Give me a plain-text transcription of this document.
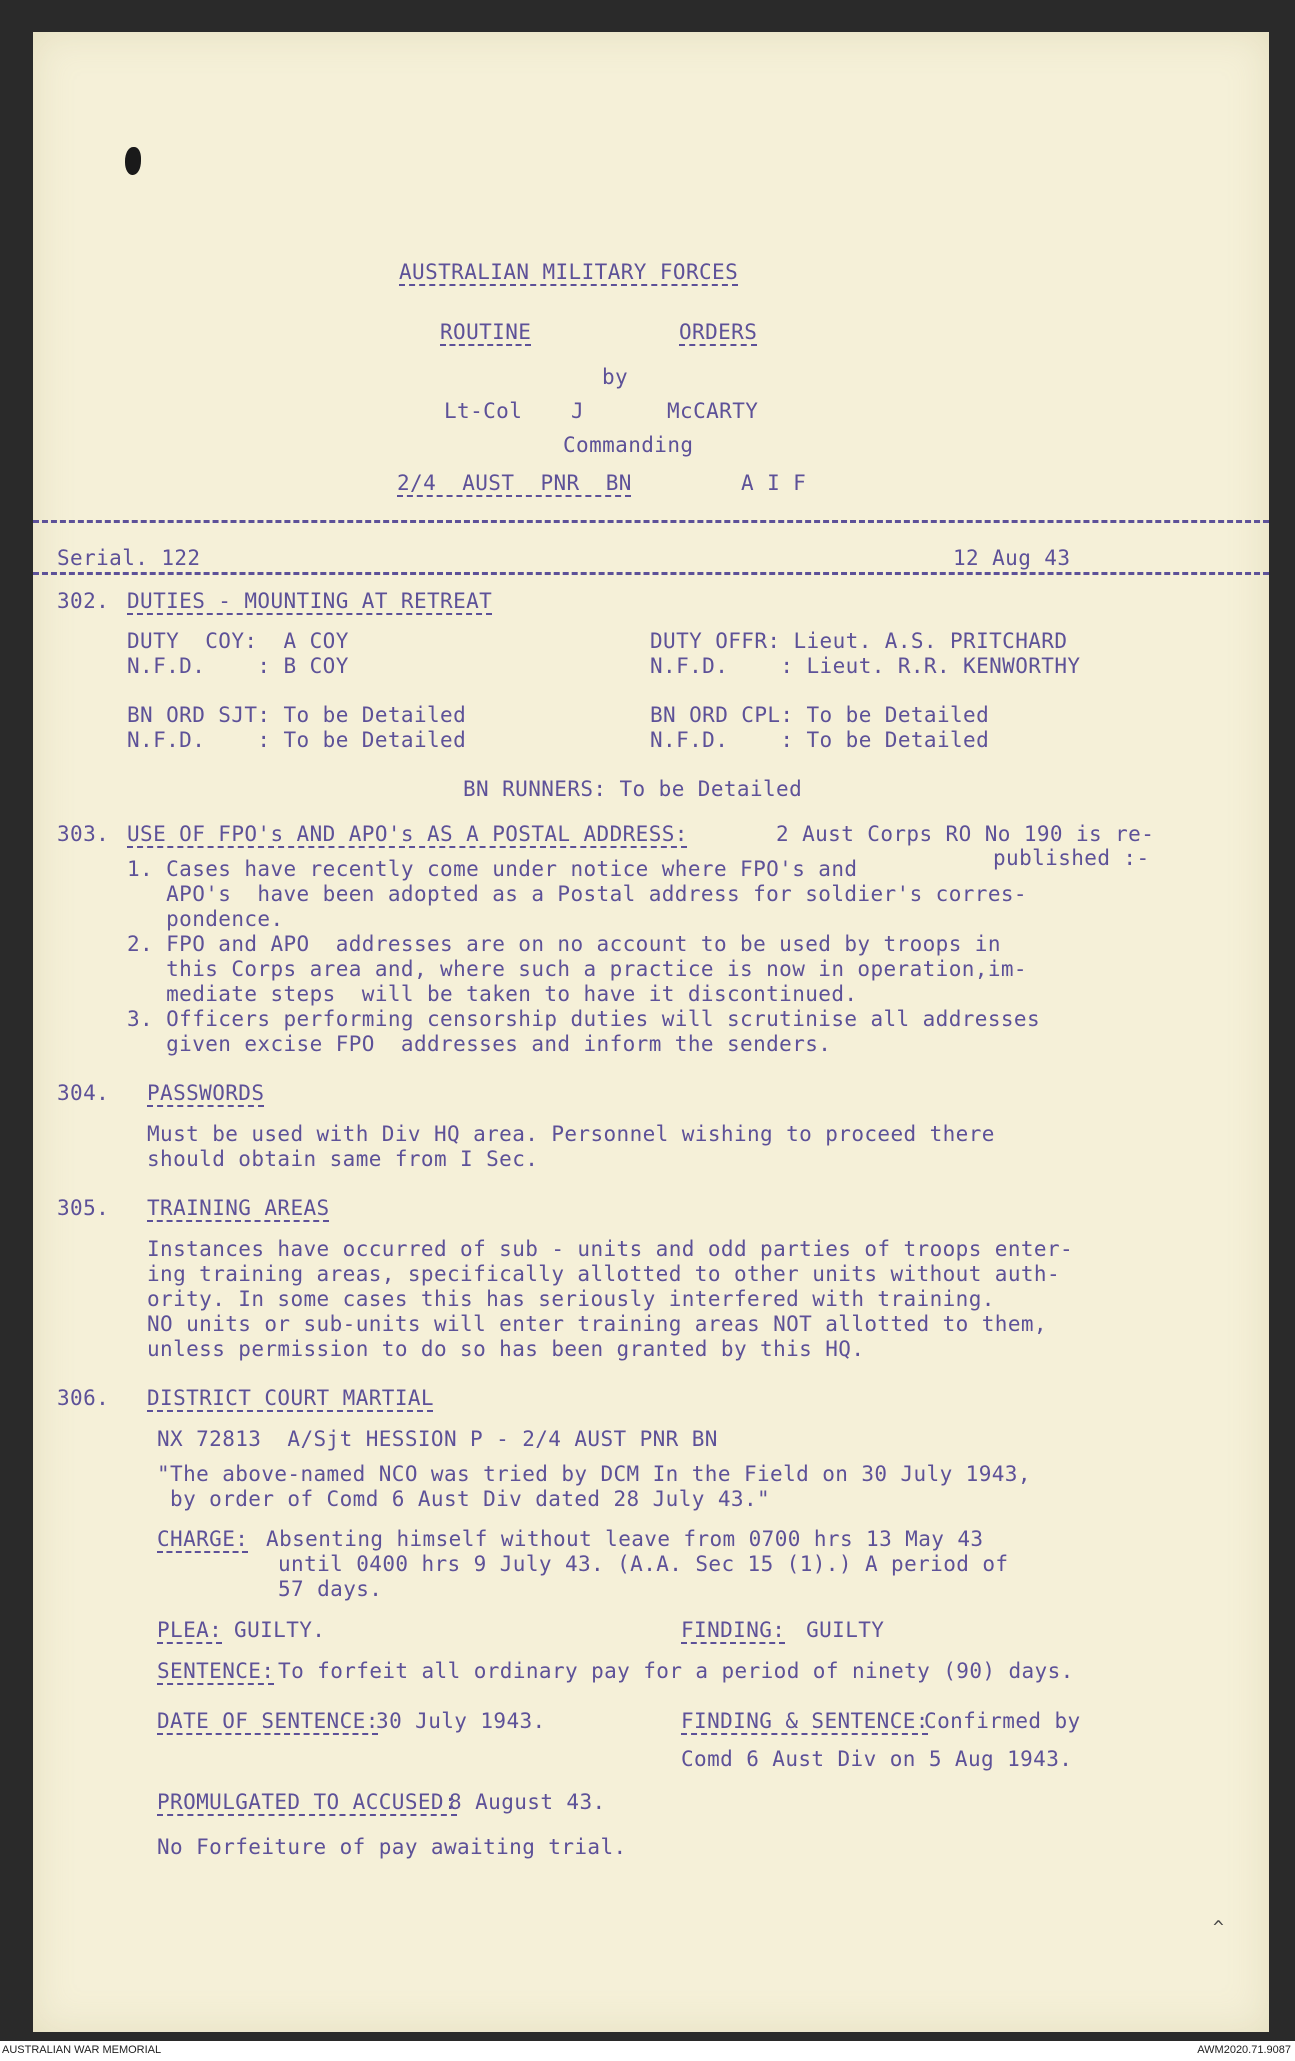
AUSTRALIAN MILITARY FORCES
ROUTINE	ORDERS
by
Lt-Col J	McCARTY
Commanding
2/4  AUST  PNR  BN	A I F
Serial. 122	12 Aug 43
302. DUTIES - MOUNTING AT RETREAT
DUTY  COY:  A COY	DUTY OFFR: Lieut. A.S. PRITCHARD
N.F.D.    : B COY	N.F.D.    : Lieut. R.R. KENWORTHY
BN ORD SJT: To be Detailed	BN ORD CPL: To be Detailed
N.F.D.    : To be Detailed	N.F.D.    : To be Detailed
BN RUNNERS: To be Detailed
303. USE OF FPO's AND APO's AS A POSTAL ADDRESS:	2 Aust Corps RO No 190 is re-
published :-
1. Cases have recently come under notice where FPO's and
APO's  have been adopted as a Postal address for soldier's corres-
pondence.
2. FPO and APO  addresses are on no account to be used by troops in
this Corps area and, where such a practice is now in operation,im-
mediate steps  will be taken to have it discontinued.
3. Officers performing censorship duties will scrutinise all addresses
given excise FPO  addresses and inform the senders.
304. PASSWORDS
Must be used with Div HQ area. Personnel wishing to proceed there
should obtain same from I Sec.
305. TRAINING AREAS
Instances have occurred of sub - units and odd parties of troops enter-
ing training areas, specifically allotted to other units without auth-
ority. In some cases this has seriously interfered with training.
NO units or sub-units will enter training areas NOT allotted to them,
unless permission to do so has been granted by this HQ.
306. DISTRICT COURT MARTIAL
NX 72813  A/Sjt HESSION P - 2/4 AUST PNR BN
"The above-named NCO was tried by DCM In the Field on 30 July 1943,
by order of Comd 6 Aust Div dated 28 July 43."
CHARGE: Absenting himself without leave from 0700 hrs 13 May 43
until 0400 hrs 9 July 43. (A.A. Sec 15 (1).) A period of
57 days.
PLEA:
GUILTY.	FINDING:
GUILTY
SENTENCE:
To forfeit all ordinary pay for a period of ninety (90) days.
DATE OF SENTENCE:
30 July 1943.	FINDING & SENTENCE:
Confirmed by
Comd 6 Aust Div on 5 Aug 1943.
PROMULGATED TO ACCUSED:
8 August 43.
No Forfeiture of pay awaiting trial.
^
AUSTRALIAN WAR MEMORIAL	AWM2020.71.9087
